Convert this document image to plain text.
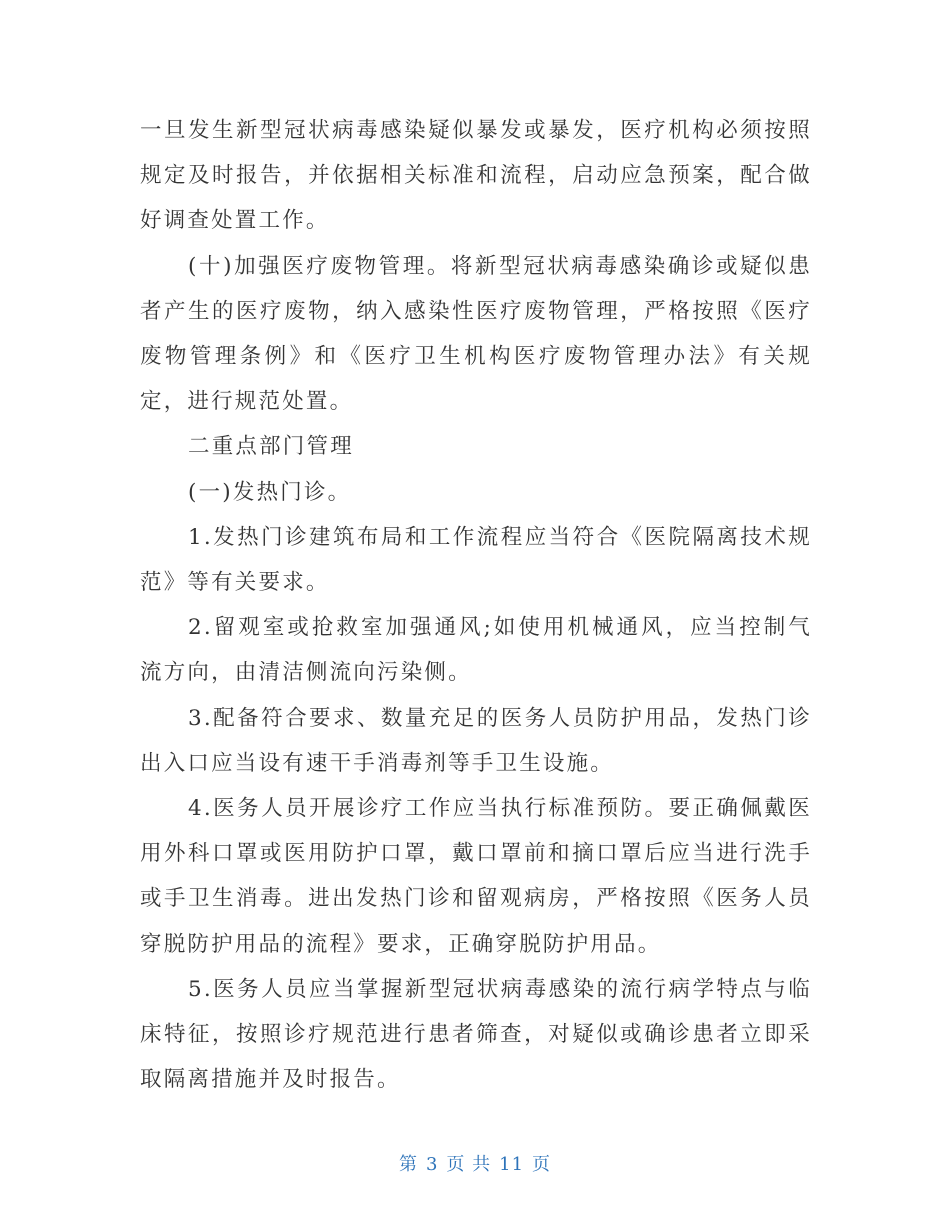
一旦发生新型冠状病毒感染疑似暴发或暴发，医疗机构必须按照规定及时报告，并依据相关标准和流程，启动应急预案，配合做好调查处置工作。

(十)加强医疗废物管理。将新型冠状病毒感染确诊或疑似患者产生的医疗废物，纳入感染性医疗废物管理，严格按照《医疗废物管理条例》和《医疗卫生机构医疗废物管理办法》有关规定，进行规范处置。

二重点部门管理

(一)发热门诊。

1.发热门诊建筑布局和工作流程应当符合《医院隔离技术规范》等有关要求。

2.留观室或抢救室加强通风;如使用机械通风，应当控制气流方向，由清洁侧流向污染侧。

3.配备符合要求、数量充足的医务人员防护用品，发热门诊出入口应当设有速干手消毒剂等手卫生设施。

4.医务人员开展诊疗工作应当执行标准预防。要正确佩戴医用外科口罩或医用防护口罩，戴口罩前和摘口罩后应当进行洗手或手卫生消毒。进出发热门诊和留观病房，严格按照《医务人员穿脱防护用品的流程》要求，正确穿脱防护用品。

5.医务人员应当掌握新型冠状病毒感染的流行病学特点与临床特征，按照诊疗规范进行患者筛查，对疑似或确诊患者立即采取隔离措施并及时报告。

第 3 页 共 11 页
